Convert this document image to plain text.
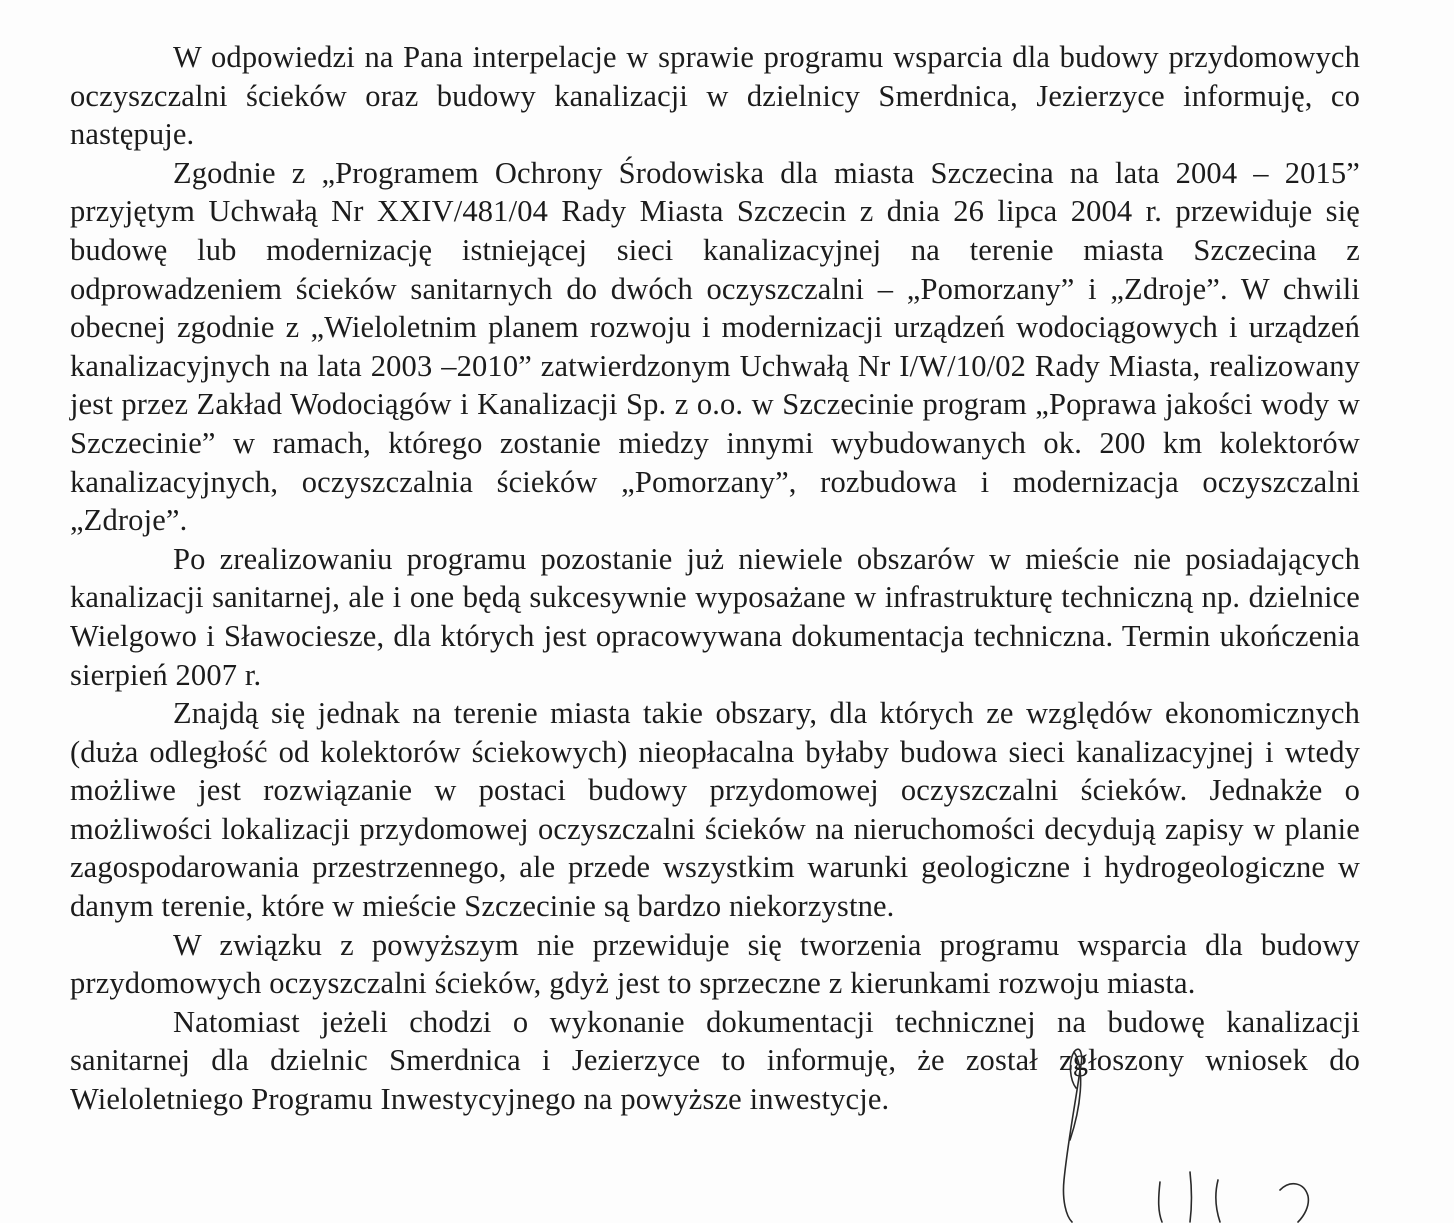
W odpowiedzi na Pana interpelacje w sprawie programu wsparcia dla budowy przydomowych oczyszczalni ścieków oraz budowy kanalizacji w dzielnicy Smerdnica, Jezierzyce informuję, co następuje.

Zgodnie z „Programem Ochrony Środowiska dla miasta Szczecina na lata 2004 – 2015” przyjętym Uchwałą Nr XXIV/481/04 Rady Miasta Szczecin z dnia 26 lipca 2004 r. przewiduje się budowę lub modernizację istniejącej sieci kanalizacyjnej na terenie miasta Szczecina z odprowadzeniem ścieków sanitarnych do dwóch oczyszczalni – „Pomorzany” i „Zdroje”. W chwili obecnej zgodnie z „Wieloletnim planem rozwoju i modernizacji urządzeń wodociągowych i urządzeń kanalizacyjnych na lata 2003 –2010” zatwierdzonym Uchwałą Nr I/W/10/02 Rady Miasta, realizowany jest przez Zakład Wodociągów i Kanalizacji Sp. z o.o. w Szczecinie program „Poprawa jakości wody w Szczecinie” w ramach, którego zostanie miedzy innymi wybudowanych ok. 200 km kolektorów kanalizacyjnych, oczyszczalnia ścieków „Pomorzany”, rozbudowa i modernizacja oczyszczalni „Zdroje”.

Po zrealizowaniu programu pozostanie już niewiele obszarów w mieście nie posiadających kanalizacji sanitarnej, ale i one będą sukcesywnie wyposażane w infrastrukturę techniczną np. dzielnice Wielgowo i Sławociesze, dla których jest opracowywana dokumentacja techniczna. Termin ukończenia sierpień 2007 r.

Znajdą się jednak na terenie miasta takie obszary, dla których ze względów ekonomicznych (duża odległość od kolektorów ściekowych) nieopłacalna byłaby budowa sieci kanalizacyjnej i wtedy możliwe jest rozwiązanie w postaci budowy przydomowej oczyszczalni ścieków. Jednakże o możliwości lokalizacji przydomowej oczyszczalni ścieków na nieruchomości decydują zapisy w planie zagospodarowania przestrzennego, ale przede wszystkim warunki geologiczne i hydrogeologiczne w danym terenie, które w mieście Szczecinie są bardzo niekorzystne.

W związku z powyższym nie przewiduje się tworzenia programu wsparcia dla budowy przydomowych oczyszczalni ścieków, gdyż jest to sprzeczne z kierunkami rozwoju miasta.

Natomiast jeżeli chodzi o wykonanie dokumentacji technicznej na budowę kanalizacji sanitarnej dla dzielnic Smerdnica i Jezierzyce to informuję, że został zgłoszony wniosek do Wieloletniego Programu Inwestycyjnego na powyższe inwestycje.
